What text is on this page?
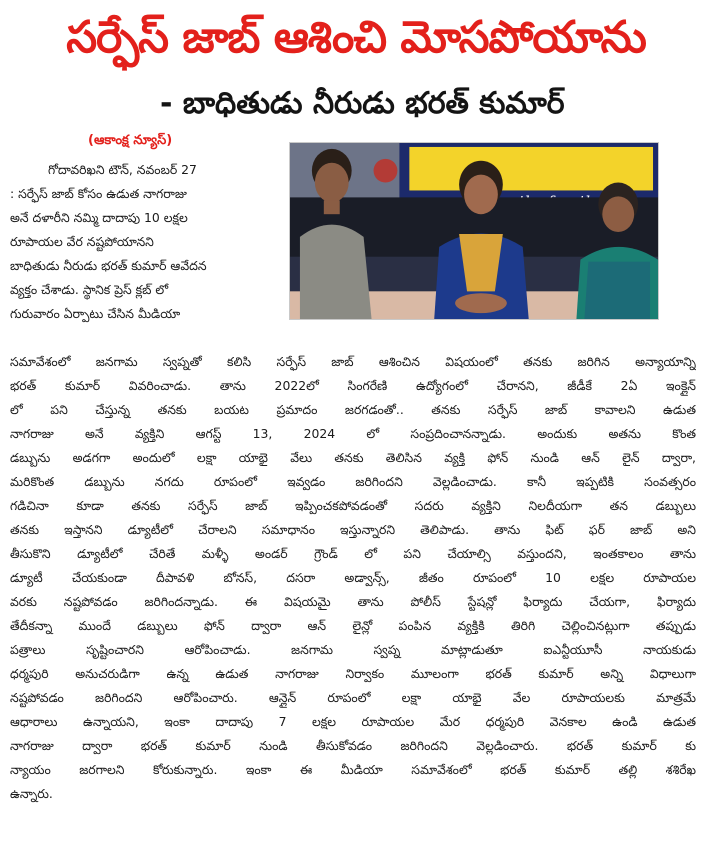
సర్ఫేస్ జాబ్ ఆశించి మోసపోయాను
- బాధితుడు నీరుడు భరత్ కుమార్
(ఆకాంక్ష న్యూస్)
గోదావరిఖని టౌన్, నవంబర్ 27
: సర్ఫేస్ జాబ్ కోసం ఉడుత నాగరాజు
అనే దళారీని నమ్మి దాదాపు 10 లక్షల
రూపాయల వేర నష్టపోయానని
బాధితుడు నీరుడు భరత్ కుమార్ ఆవేదన
వ్యక్తం చేశాడు. స్థానిక ప్రెస్ క్లబ్ లో
గురువారం ఏర్పాటు చేసిన మీడియా
సమావేశంలో జనగామ స్వప్నతో కలిసి సర్ఫేస్ జాబ్ ఆశించిన విషయంలో తనకు జరిగిన అన్యాయాన్ని
భరత్ కుమార్ వివరించాడు. తాను 2022లో సింగరేణి ఉద్యోగంలో చేరానని, జీడీకే 2ఏ ఇంక్లైన్
లో పని చేస్తున్న తనకు బయట ప్రమాదం జరగడంతో.. తనకు సర్ఫేస్ జాబ్ కావాలని ఉడుత
నాగరాజు అనే వ్యక్తిని ఆగస్ట్ 13, 2024 లో సంప్రదించానన్నాడు. అందుకు అతను కొంత
డబ్బును అడగగా అందులో లక్షా యాభై వేలు తనకు తెలిసిన వ్యక్తి ఫోన్ నుండి ఆన్ లైన్ ద్వారా,
మరికొంత డబ్బును నగదు రూపంలో ఇవ్వడం జరిగిందని వెల్లడించాడు. కానీ ఇప్పటికి సంవత్సరం
గడిచినా కూడా తనకు సర్ఫేస్ జాబ్ ఇప్పించకపోవడంతో సదరు వ్యక్తిని నిలదీయగా తన డబ్బులు
తనకు ఇస్తానని డ్యూటీలో చేరాలని సమాధానం ఇస్తున్నారని తెలిపాడు. తాను ఫిట్ ఫర్ జాబ్ అని
తీసుకొని డ్యూటీలో చేరితే మళ్ళీ అండర్ గ్రౌండ్ లో పని చేయాల్సి వస్తుందని, ఇంతకాలం తాను
డ్యూటీ చేయకుండా దీపావళి బోనస్, దసరా అడ్వాన్స్, జీతం రూపంలో 10 లక్షల రూపాయల
వరకు నష్టపోవడం జరిగిందన్నాడు. ఈ విషయమై తాను పోలీస్ స్టేషన్లో ఫిర్యాదు చేయగా, ఫిర్యాదు
తేదీకన్నా ముందే డబ్బులు ఫోన్ ద్వారా ఆన్ లైన్లో పంపిన వ్యక్తికి తిరిగి చెల్లించినట్లుగా తప్పుడు
పత్రాలు సృష్టించారని ఆరోపించాడు. జనగామ స్వప్న మాట్లాడుతూ ఐఎన్టీయూసీ నాయకుడు
ధర్మపురి అనుచరుడిగా ఉన్న ఉడుత నాగరాజు నిర్వాకం మూలంగా భరత్ కుమార్ అన్ని విధాలుగా
నష్టపోవడం జరిగిందని ఆరోపించారు. ఆన్లైన్ రూపంలో లక్షా యాభై వేల రూపాయలకు మాత్రమే
ఆధారాలు ఉన్నాయని, ఇంకా దాదాపు 7 లక్షల రూపాయల మేర ధర్మపురి వెనకాల ఉండి ఉడుత
నాగరాజు ద్వారా భరత్ కుమార్ నుండి తీసుకోవడం జరిగిందని వెల్లడించారు. భరత్ కుమార్ కు
న్యాయం జరగాలని కోరుకున్నారు. ఇంకా ఈ మీడియా సమావేశంలో భరత్ కుమార్ తల్లి శశిరేఖ
ఉన్నారు.
